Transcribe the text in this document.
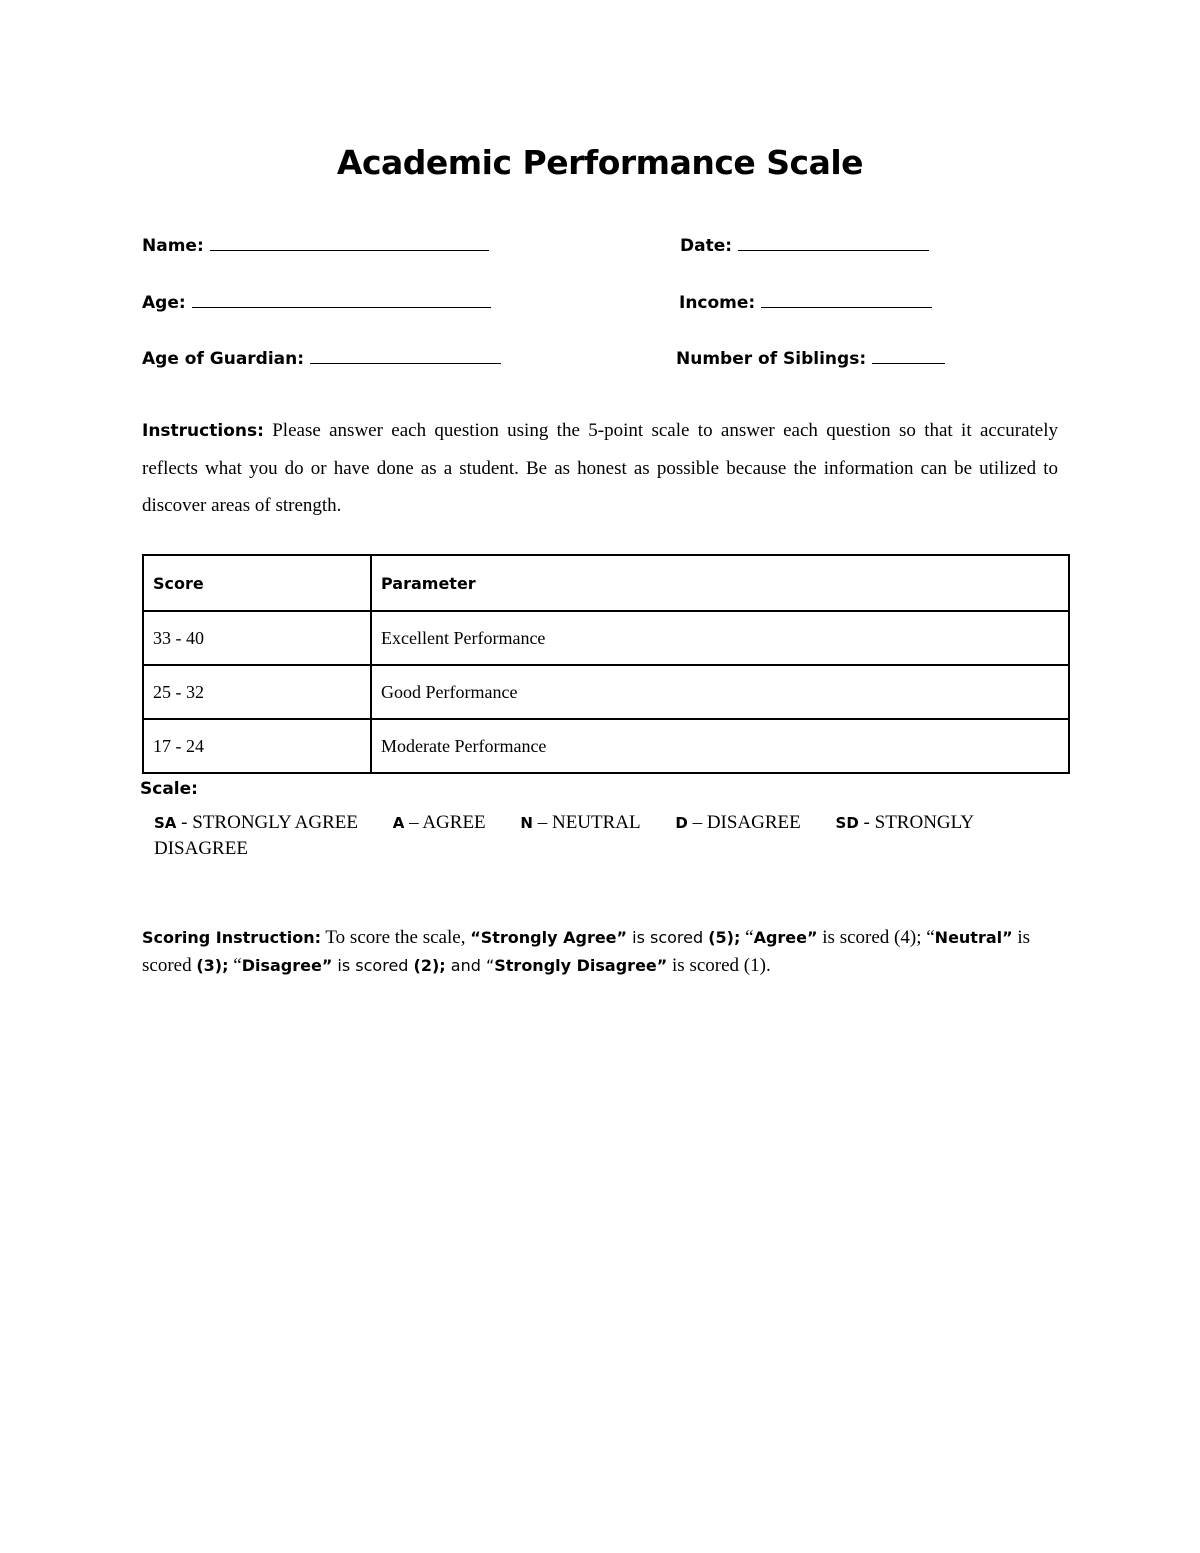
Academic Performance Scale
Name:	Date:
Age:	Income:
Age of Guardian:	Number of Siblings:
Instructions: Please answer each question using the 5-point scale to answer each question so that it accurately reflects what you do or have done as a student. Be as honest as possible because the information can be utilized to discover areas of strength.
Score	Parameter
33 - 40	Excellent Performance
25 - 32	Good Performance
17 - 24	Moderate Performance
Scale:
SA - STRONGLY AGREE A – AGREE N – NEUTRAL D – DISAGREE SD - STRONGLY DISAGREE
Scoring Instruction: To score the scale, “Strongly Agree” is scored (5); “Agree” is scored (4); “Neutral” is scored (3); “Disagree” is scored (2); and “Strongly Disagree” is scored (1).
